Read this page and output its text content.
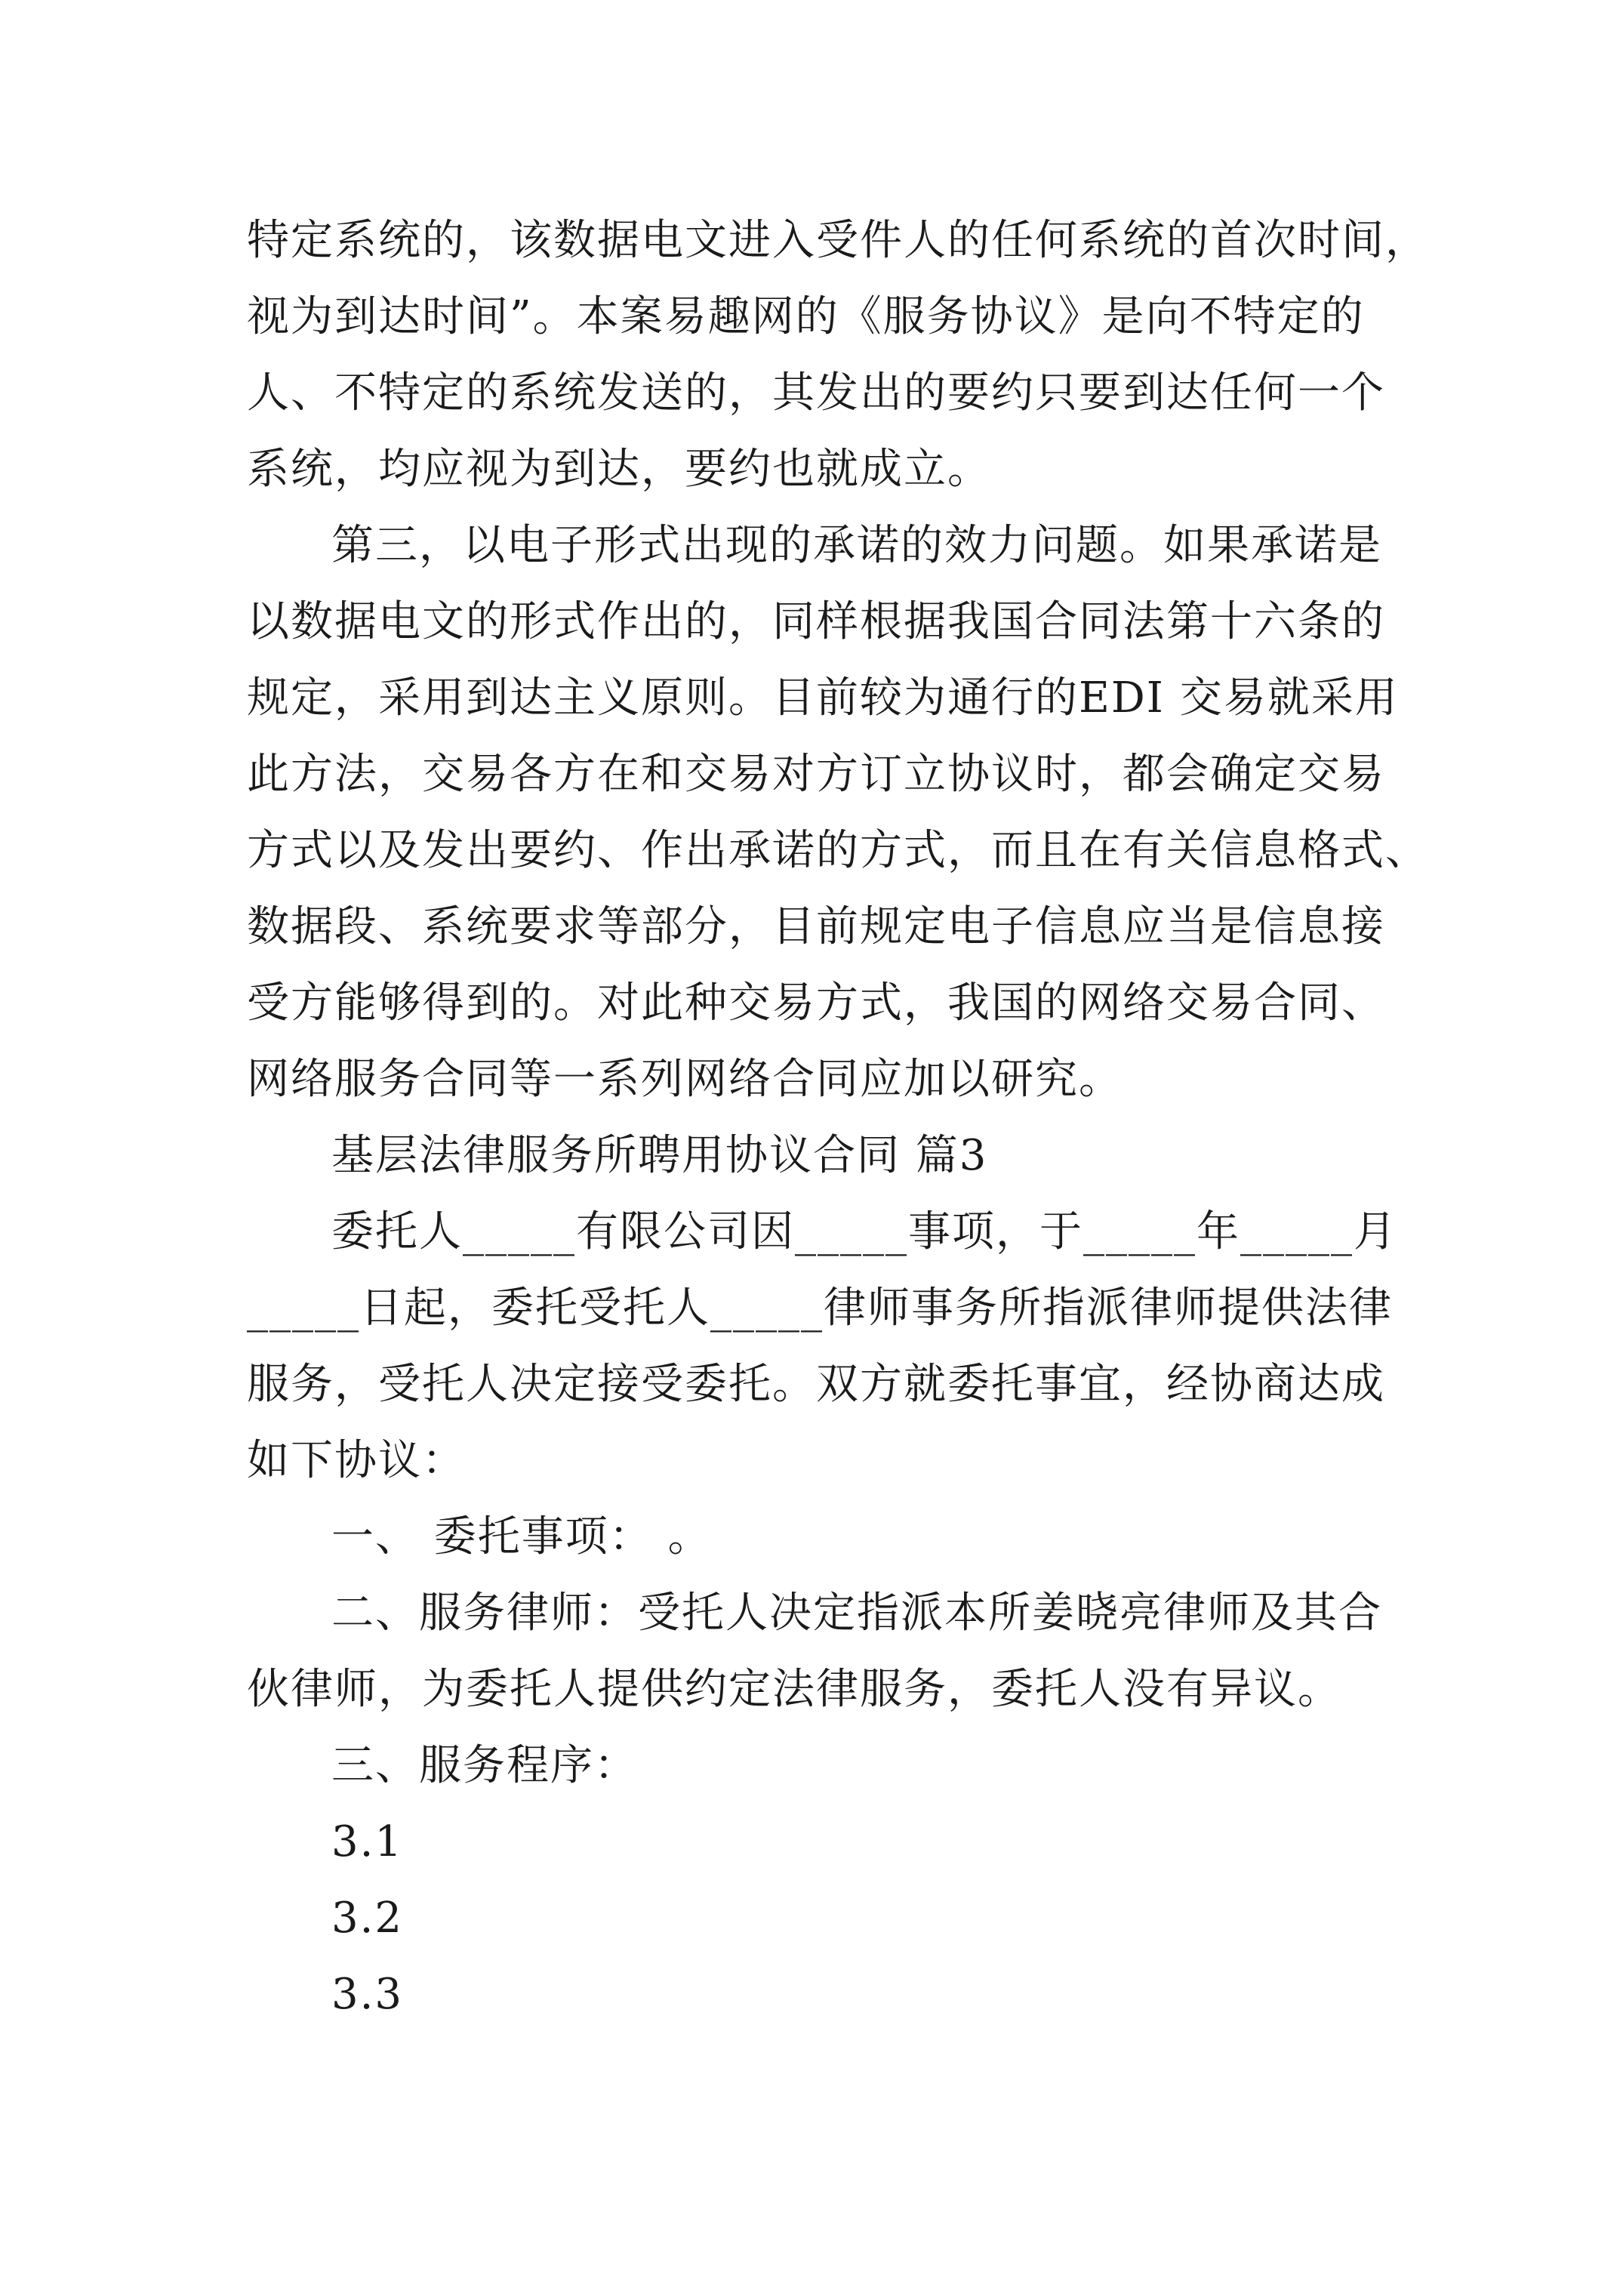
特定系统的，该数据电文进入受件人的任何系统的首次时间，
视为到达时间”。本案易趣网的《服务协议》是向不特定的
人、不特定的系统发送的，其发出的要约只要到达任何一个
系统，均应视为到达，要约也就成立。
第三，以电子形式出现的承诺的效力问题。如果承诺是
以数据电文的形式作出的，同样根据我国合同法第十六条的
规定，采用到达主义原则。目前较为通行的EDI 交易就采用
此方法，交易各方在和交易对方订立协议时，都会确定交易
方式以及发出要约、作出承诺的方式，而且在有关信息格式、
数据段、系统要求等部分，目前规定电子信息应当是信息接
受方能够得到的。对此种交易方式，我国的网络交易合同、
网络服务合同等一系列网络合同应加以研究。
基层法律服务所聘用协议合同 篇3
委托人_____有限公司因_____事项，于_____年_____月
_____日起，委托受托人_____律师事务所指派律师提供法律
服务，受托人决定接受委托。双方就委托事宜，经协商达成
如下协议：
一、 委托事项： 。
二、服务律师：受托人决定指派本所姜晓亮律师及其合
伙律师，为委托人提供约定法律服务，委托人没有异议。
三、服务程序：
3.1
3.2
3.3
